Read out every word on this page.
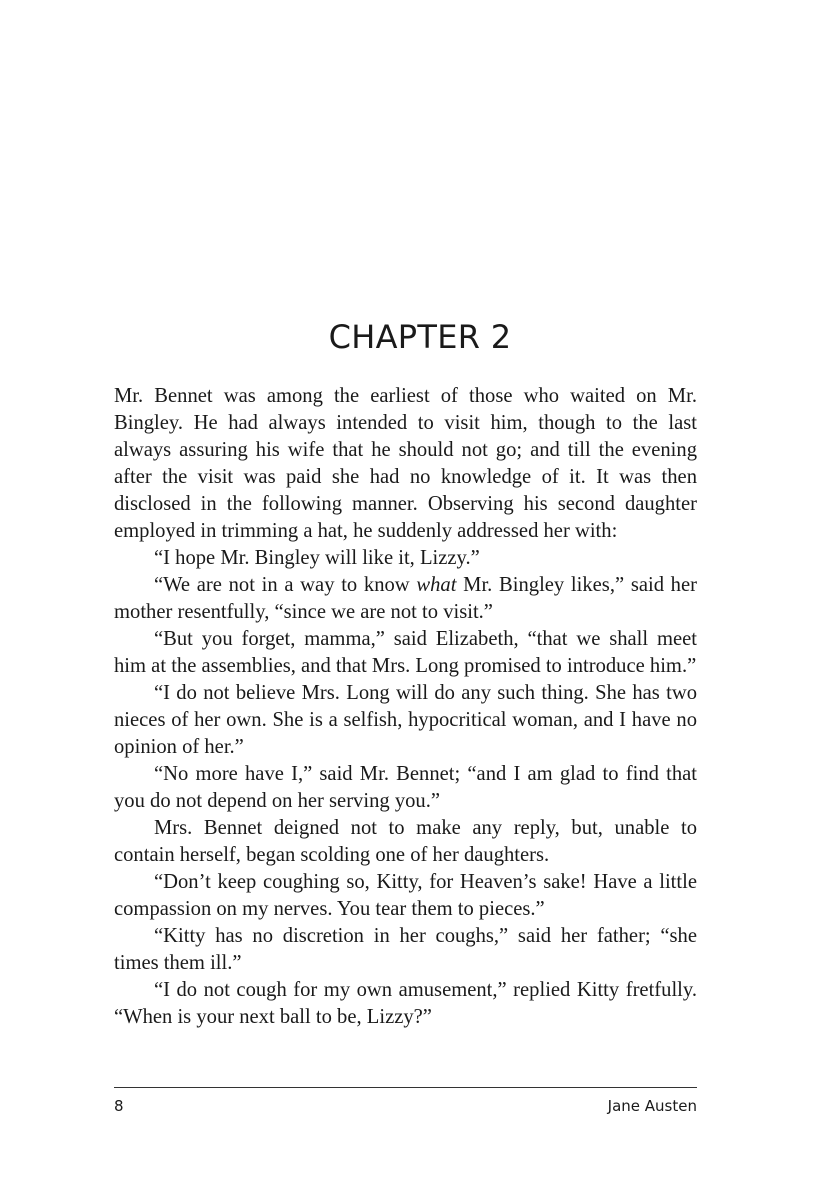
CHAPTER 2

Mr. Bennet was among the earliest of those who waited on Mr. Bingley. He had always intended to visit him, though to the last always assuring his wife that he should not go; and till the evening after the visit was paid she had no knowledge of it. It was then disclosed in the following manner. Observing his second daughter employed in trimming a hat, he suddenly addressed her with:

“I hope Mr. Bingley will like it, Lizzy.”

“We are not in a way to know what Mr. Bingley likes,” said her mother resentfully, “since we are not to visit.”

“But you forget, mamma,” said Elizabeth, “that we shall meet him at the assemblies, and that Mrs. Long promised to introduce him.”

“I do not believe Mrs. Long will do any such thing. She has two nieces of her own. She is a selfish, hypocritical woman, and I have no opinion of her.”

“No more have I,” said Mr. Bennet; “and I am glad to find that you do not depend on her serving you.”

Mrs. Bennet deigned not to make any reply, but, unable to contain herself, began scolding one of her daughters.

“Don’t keep coughing so, Kitty, for Heaven’s sake! Have a little compassion on my nerves. You tear them to pieces.”

“Kitty has no discretion in her coughs,” said her father; “she times them ill.”

“I do not cough for my own amusement,” replied Kitty fretfully. “When is your next ball to be, Lizzy?”

8	Jane Austen
